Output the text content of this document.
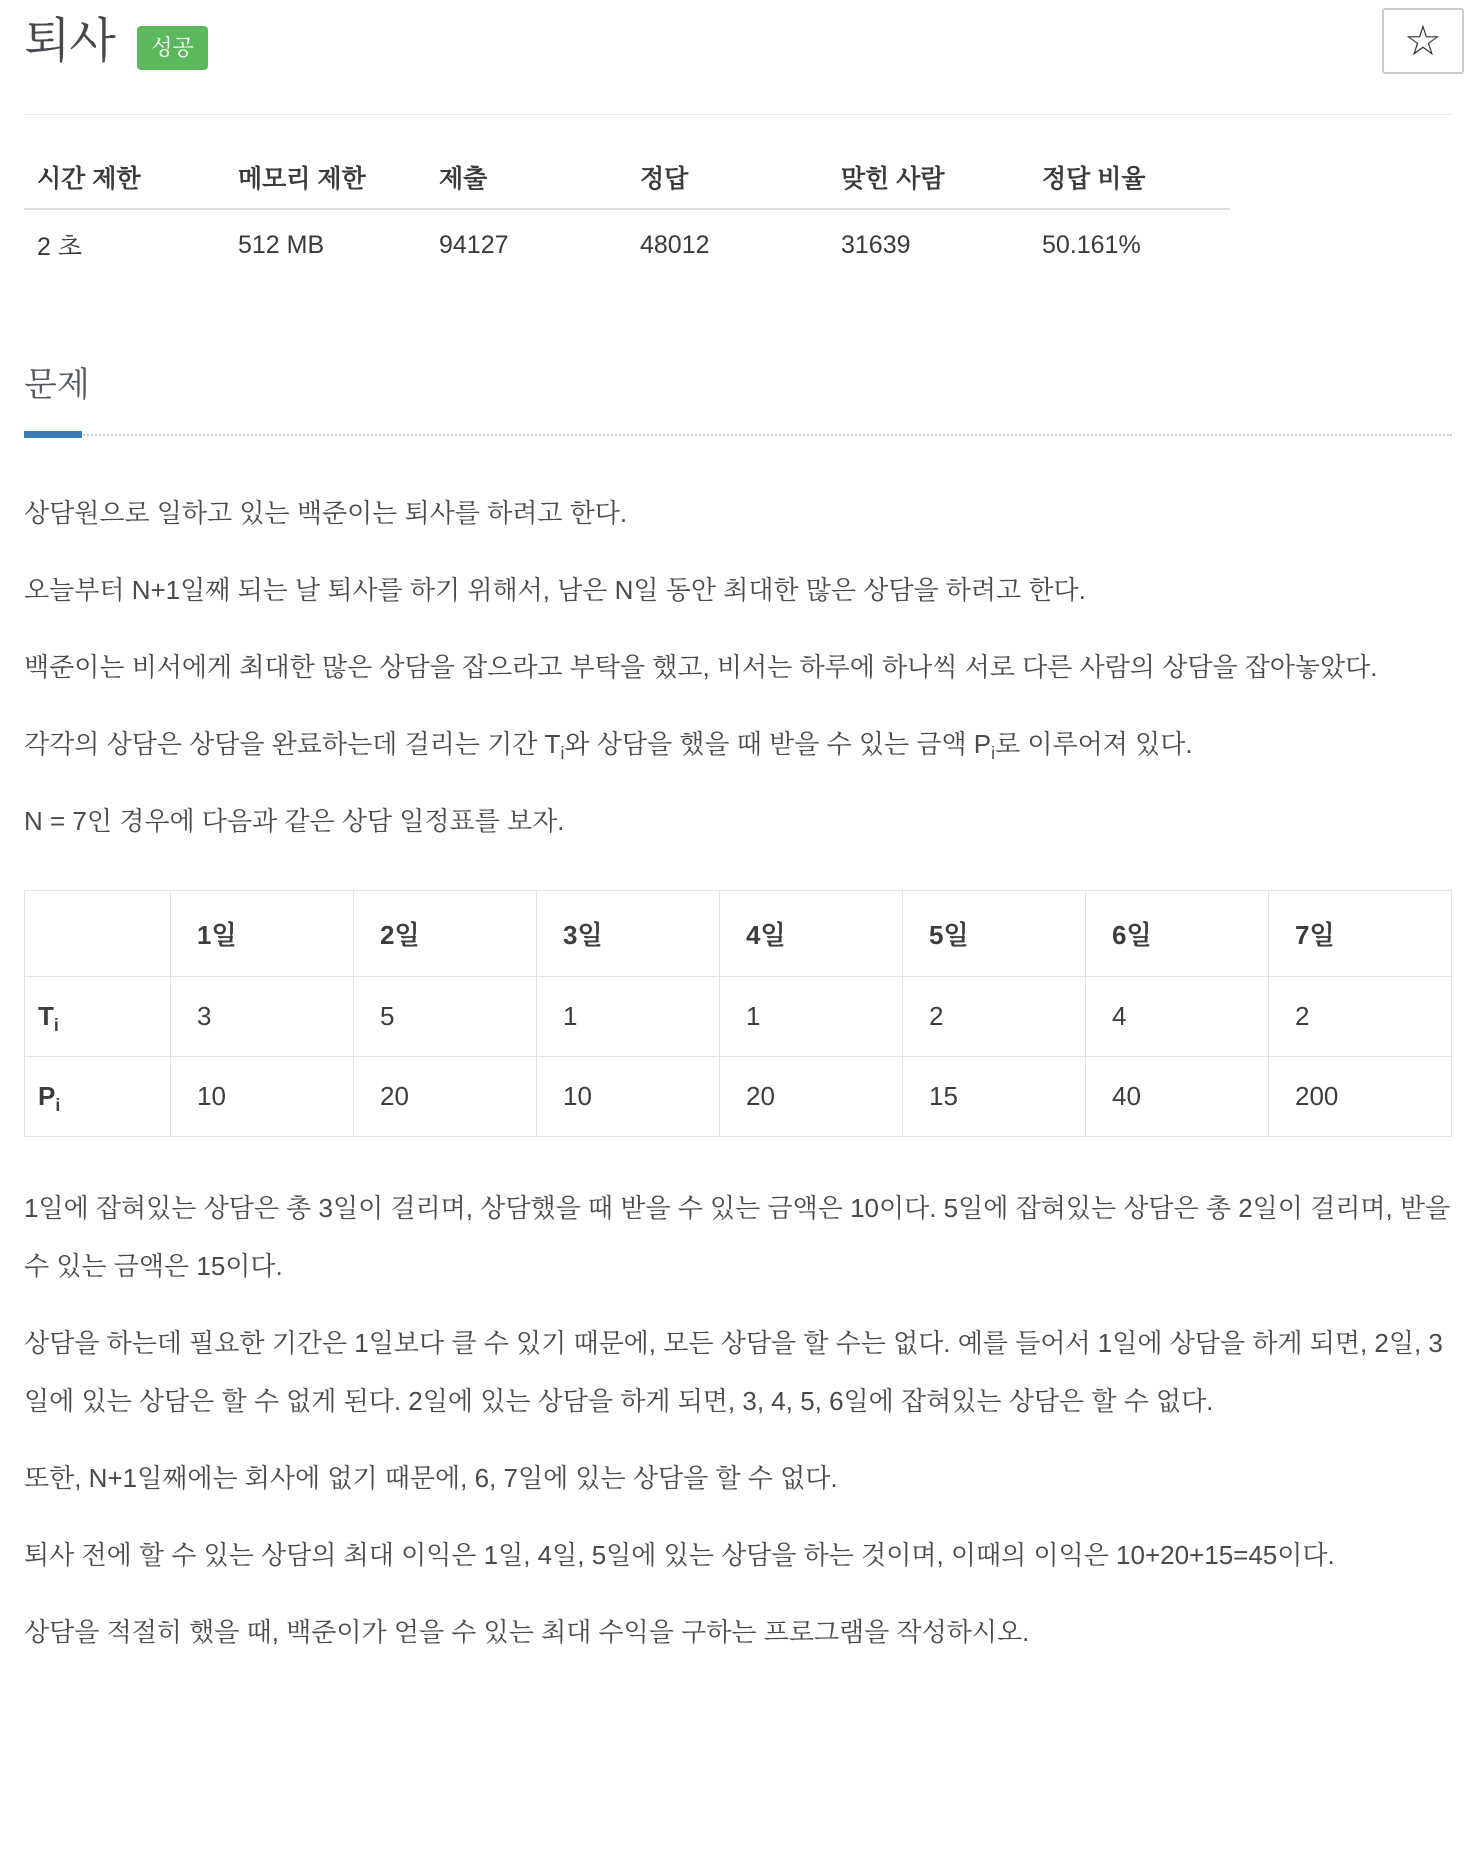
퇴사 성공	☆
시간 제한	메모리 제한	제출	정답	맞힌 사람	정답 비율
2 초	512 MB	94127	48012	31639	50.161%
문제

상담원으로 일하고 있는 백준이는 퇴사를 하려고 한다.

오늘부터 N+1일째 되는 날 퇴사를 하기 위해서, 남은 N일 동안 최대한 많은 상담을 하려고 한다.

백준이는 비서에게 최대한 많은 상담을 잡으라고 부탁을 했고, 비서는 하루에 하나씩 서로 다른 사람의 상담을 잡아놓았다.

각각의 상담은 상담을 완료하는데 걸리는 기간 $T_i$와 상담을 했을 때 받을 수 있는 금액 $P_i$로 이루어져 있다.

N = 7인 경우에 다음과 같은 상담 일정표를 보자.

	1일	2일	3일	4일	5일	6일	7일
$T_i$	3	5	1	1	2	4	2
$P_i$	10	20	10	20	15	40	200

1일에 잡혀있는 상담은 총 3일이 걸리며, 상담했을 때 받을 수 있는 금액은 10이다. 5일에 잡혀있는 상담은 총 2일이 걸리며, 받을 수 있는 금액은 15이다.

상담을 하는데 필요한 기간은 1일보다 클 수 있기 때문에, 모든 상담을 할 수는 없다. 예를 들어서 1일에 상담을 하게 되면, 2일, 3일에 있는 상담은 할 수 없게 된다. 2일에 있는 상담을 하게 되면, 3, 4, 5, 6일에 잡혀있는 상담은 할 수 없다.

또한, N+1일째에는 회사에 없기 때문에, 6, 7일에 있는 상담을 할 수 없다.

퇴사 전에 할 수 있는 상담의 최대 이익은 1일, 4일, 5일에 있는 상담을 하는 것이며, 이때의 이익은 10+20+15=45이다.

상담을 적절히 했을 때, 백준이가 얻을 수 있는 최대 수익을 구하는 프로그램을 작성하시오.
